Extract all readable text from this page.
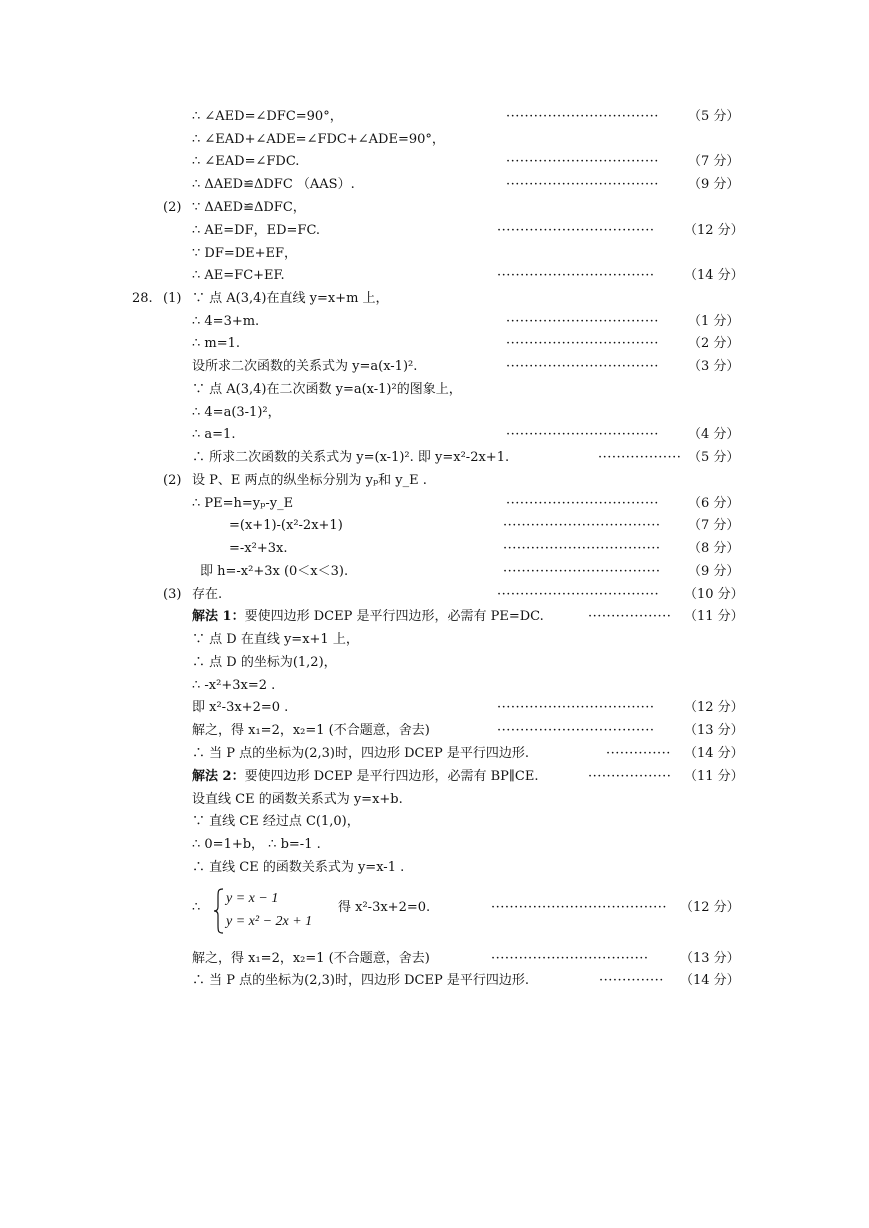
∴ ∠AED=∠DFC=90°，	·································	（5 分）
∴ ∠EAD+∠ADE=∠FDC+∠ADE=90°，
∴ ∠EAD=∠FDC.	·································	（7 分）
∴ ΔAED≌ΔDFC （AAS）.	·································	（9 分）
(2) ∵ ΔAED≌ΔDFC，
∴ AE=DF，ED=FC.	··································	（12 分）
∵ DF=DE+EF，
∴ AE=FC+EF.	··································	（14 分）
28. (1) ∵ 点 A(3,4)在直线 y=x+m 上，
∴ 4=3+m.	·································	（1 分）
∴ m=1.	·································	（2 分）
设所求二次函数的关系式为 y=a(x-1)².	·································	（3 分）
∵ 点 A(3,4)在二次函数 y=a(x-1)²的图象上，
∴ 4=a(3-1)²，
∴ a=1.	·································	（4 分）
∴ 所求二次函数的关系式为 y=(x-1)². 即 y=x²-2x+1.	·················· （5 分）
(2) 设 P、E 两点的纵坐标分别为 yₚ和 y_E .
∴ PE=h=yₚ-y_E	·································	（6 分）
=(x+1)-(x²-2x+1)	··································	（7 分）
=-x²+3x.	··································	（8 分）
即 h=-x²+3x (0＜x＜3).	··································	（9 分）
(3) 存在.	···································	（10 分）
解法 1：要使四边形 DCEP 是平行四边形，必需有 PE=DC.	·················· （11 分）
∵ 点 D 在直线 y=x+1 上，
∴ 点 D 的坐标为(1,2)，
∴ -x²+3x=2 .
即 x²-3x+2=0 .	··································	（12 分）
解之，得 x₁=2，x₂=1 (不合题意，舍去)	··································	（13 分）
∴ 当 P 点的坐标为(2,3)时，四边形 DCEP 是平行四边形.	··············	（14 分）
解法 2：要使四边形 DCEP 是平行四边形，必需有 BP∥CE.	·················· （11 分）
设直线 CE 的函数关系式为 y=x+b.
∵ 直线 CE 经过点 C(1,0)，
∴ 0=1+b， ∴ b=-1 .
∴ 直线 CE 的函数关系式为 y=x-1 .
∴
y = x − 1
y = x² − 2x + 1
得 x²-3x+2=0.	······································ （12 分）
解之，得 x₁=2，x₂=1 (不合题意，舍去)	··································	（13 分）
∴ 当 P 点的坐标为(2,3)时，四边形 DCEP 是平行四边形.	··············	（14 分）
